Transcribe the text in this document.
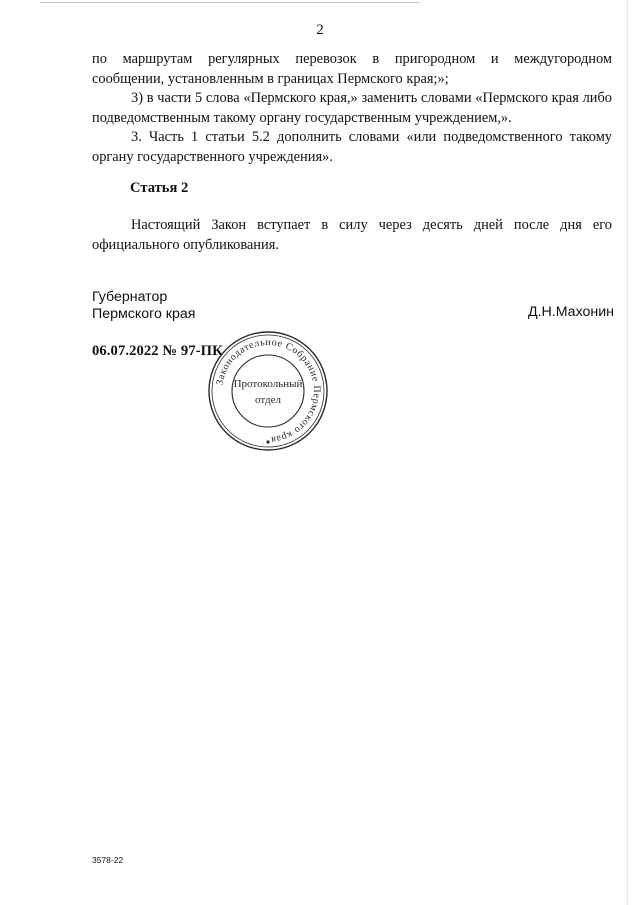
2
по маршрутам регулярных перевозок в пригородном и междугородном
сообщении, установленным в границах Пермского края;»;

3) в части 5 слова «Пермского края,» заменить словами «Пермского края либо подведомственным такому органу государственным учреждением,».

3. Часть 1 статьи 5.2 дополнить словами «или подведомственного такому органу государственного учреждения».

Статья 2

Настоящий Закон вступает в силу через десять дней после дня его официального опубликования.

Губернатор
Пермского края	Д.Н.Махонин
06.07.2022 № 97-ПК
Законодательное Собрание Пермского края
Протокольный
отдел
3578-22
